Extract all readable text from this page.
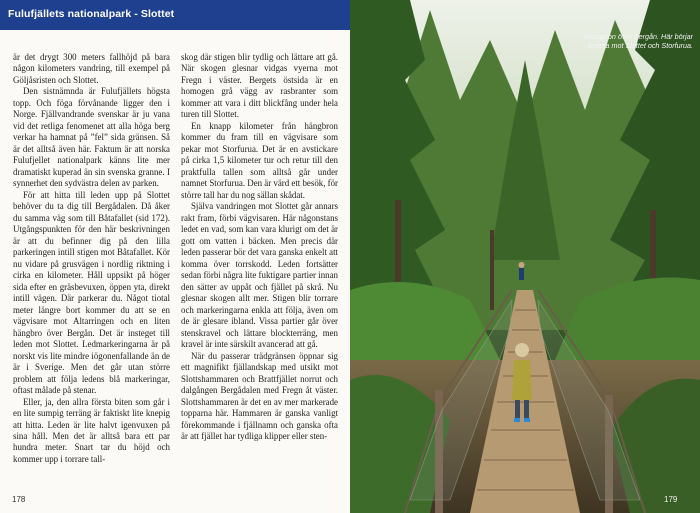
Fulufjällets nationalpark - Slottet

är det drygt 300 meters fallhöjd på bara någon kilometers vandring, till exempel på Göljåsristen och Slottet.

Den sistnämnda är Fulufjällets högsta topp. Och föga förvånande ligger den i Norge. Fjällvandrande svenskar är ju vana vid det retliga fenomenet att alla höga berg verkar ha hamnat på ”fel” sida gränsen. Så är det alltså även här. Faktum är att norska Fulufjellet nationalpark känns lite mer dramatiskt kuperad än sin svenska granne. I synnerhet den sydvästra delen av parken.

För att hitta till leden upp på Slottet behöver du ta dig till Bergådalen. Då åker du samma väg som till Båtafallet (sid 172). Utgångspunkten för den här beskrivningen är att du befinner dig på den lilla parkeringen intill stigen mot Båtafallet. Kör nu vidare på grusvägen i nordlig riktning i cirka en kilometer. Håll uppsikt på höger sida efter en gräsbevuxen, öppen yta, direkt intill vägen. Där parkerar du. Något tiotal meter längre bort kommer du att se en vägvisare mot Altarringen och en liten hängbro över Bergån. Det är insteget till leden mot Slottet. Ledmarkeringarna är på norskt vis lite mindre iögonenfallande än de är i Sverige. Men det går utan större problem att följa ledens blå markeringar, oftast målade på stenar.

Eller, ja, den allra första biten som går i en lite sumpig terräng är faktiskt lite knepig att hitta. Leden är lite halvt igenvuxen på sina håll. Men det är alltså bara ett par hundra meter. Snart tar du höjd och kommer upp i torrare tall-

skog där stigen blir tydlig och lättare att gå. När skogen glesnar vidgas vyerna mot Fregn i väster. Bergets östsida är en homogen grå vägg av rasbranter som kommer att vara i ditt blickfång under hela turen till Slottet.

En knapp kilometer från hängbron kommer du fram till en vägvisare som pekar mot Storfurua. Det är en avstickare på cirka 1,5 kilometer tur och retur till den praktfulla tallen som alltså går under namnet Storfurua. Den är värd ett besök, för större tall har du nog sällan skådat.

Själva vandringen mot Slottet går annars rakt fram, förbi vägvisaren. Här någonstans ledet en vad, som kan vara klurigt om det är gott om vatten i bäcken. Men precis där leden passerar bör det vara ganska enkelt att komma över torrskodd. Leden fortsätter sedan förbi några lite fuktigare partier innan den sätter av uppåt och fjället på skrå. Nu glesnar skogen allt mer. Stigen blir torrare och markeringarna enkla att följa, även om de är glesare ibland. Vissa partier går över stenskravel och lättare blockterräng, men kravel är inte särskilt avancerad att gå.

När du passerar trädgränsen öppnar sig ett magnifikt fjällandskap med utsikt mot Slottshammaren och Brattfjället norrut och dalgången Bergådalen med Fregn åt väster. Slottshammaren är det en av mer markerade topparna här. Hammaren är ganska vanligt förekommande i fjällnamn och ganska ofta är att fjället har tydliga klipper eller sten-

178
Hängbron över Bergån. Här börjar
ledena mot Slottet och Storfurua.
179
